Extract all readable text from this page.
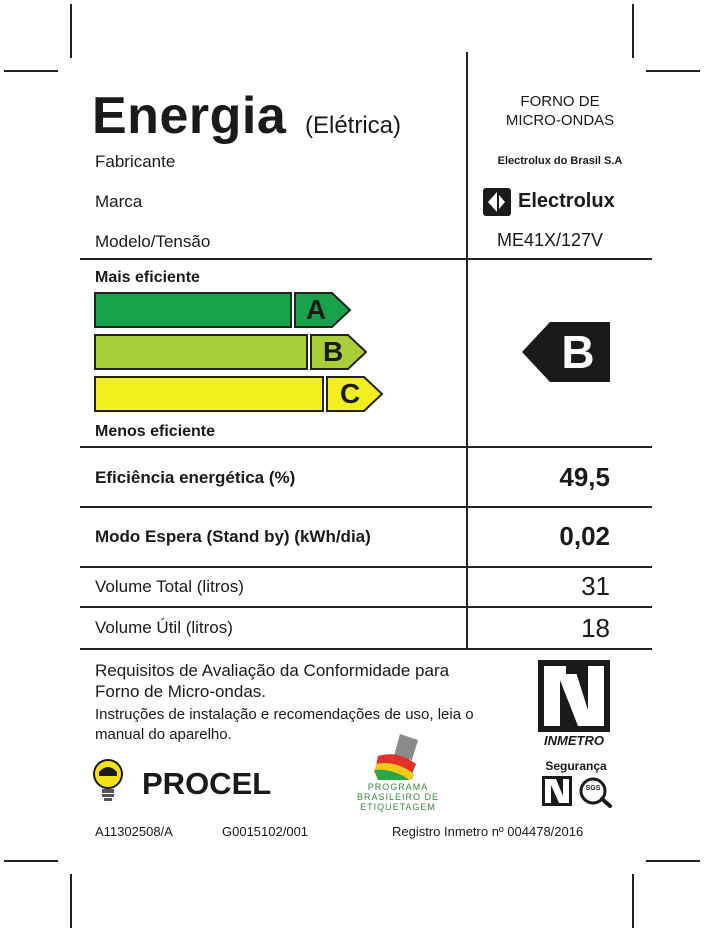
Energia (Elétrica)
FORNO DE
MICRO-ONDAS
Fabricante	Electrolux do Brasil S.A
Marca	Electrolux
Modelo/Tensão	ME41X/127V
Mais eficiente
A
B
C
Menos eficiente
B
Eficiência energética (%)	49,5
Modo Espera (Stand by) (kWh/dia)	0,02
Volume Total (litros)	31
Volume Útil (litros)	18
Requisitos de Avaliação da Conformidade para
Forno de Micro-ondas.
Instruções de instalação e recomendações de uso, leia o
manual do aparelho.	INMETRO
Segurança
SGS
PROCEL	PROGRAMA
BRASILEIRO DE
ETIQUETAGEM
A11302508/A	G0015102/001	Registro Inmetro nº 004478/2016
